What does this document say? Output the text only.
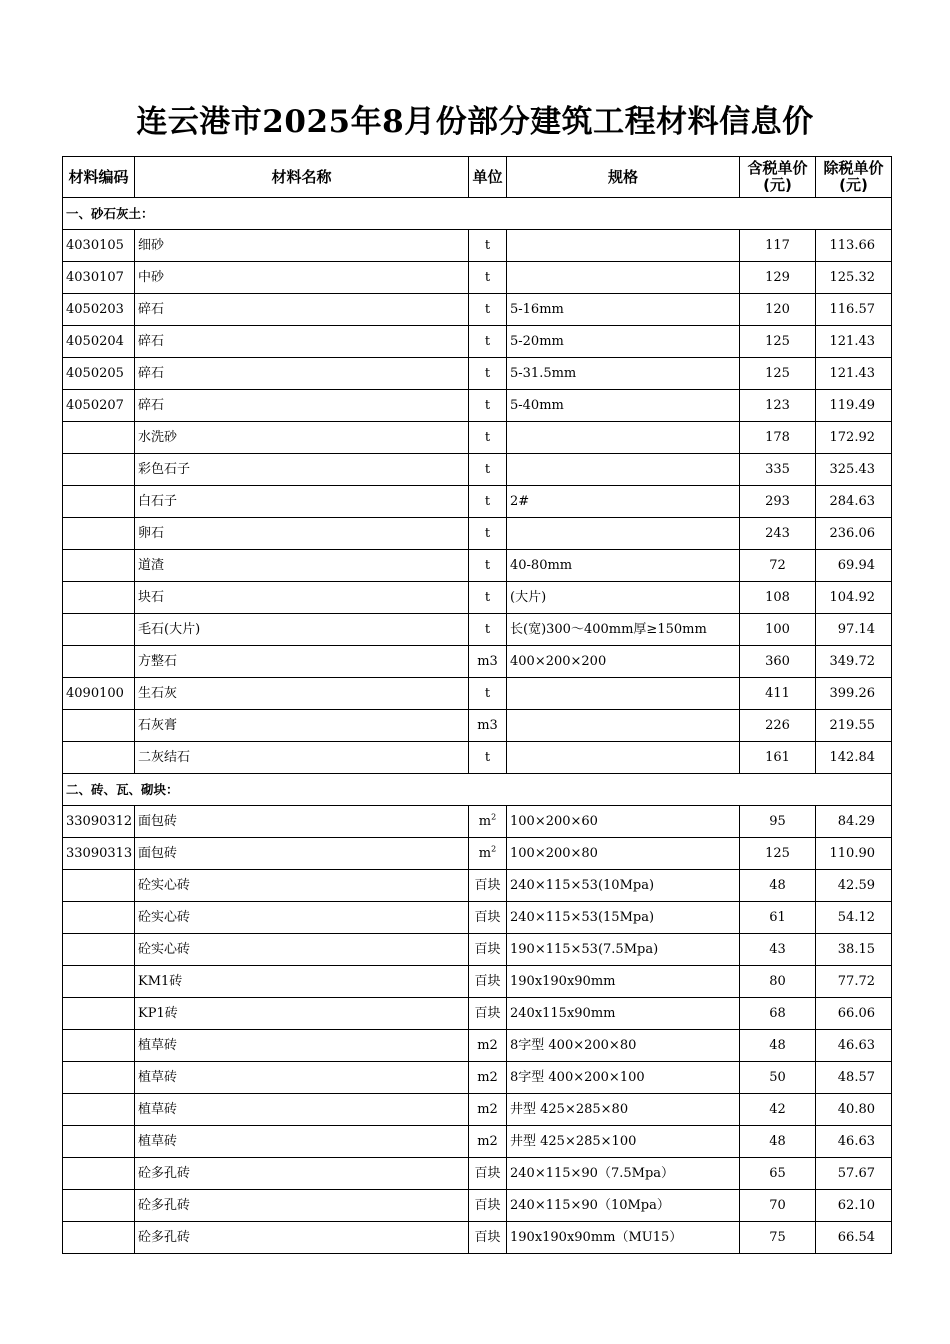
连云港市2025年8月份部分建筑工程材料信息价
材料编码	材料名称	单位	规格	含税单价(元)	除税单价(元)
一、砂石灰土：					
4030105	细砂	t		117	113.66
4030107	中砂	t		129	125.32
4050203	碎石	t	5-16mm	120	116.57
4050204	碎石	t	5-20mm	125	121.43
4050205	碎石	t	5-31.5mm	125	121.43
4050207	碎石	t	5-40mm	123	119.49
	水洗砂	t		178	172.92
	彩色石子	t		335	325.43
	白石子	t	2#	293	284.63
	卵石	t		243	236.06
	道渣	t	40-80mm	72	69.94
	块石	t	(大片)	108	104.92
	毛石(大片)	t	长(宽)300～400mm厚≥150mm	100	97.14
	方整石	m3	400×200×200	360	349.72
4090100	生石灰	t		411	399.26
	石灰膏	m3		226	219.55
	二灰结石	t		161	142.84
二、砖、瓦、砌块：					
33090312	面包砖	$m^2$	100×200×60	95	84.29
33090313	面包砖	$m^2$	100×200×80	125	110.90
	砼实心砖	百块	240×115×53(10Mpa)	48	42.59
	砼实心砖	百块	240×115×53(15Mpa)	61	54.12
	砼实心砖	百块	190×115×53(7.5Mpa)	43	38.15
	KM1砖	百块	190x190x90mm	80	77.72
	KP1砖	百块	240x115x90mm	68	66.06
	植草砖	m2	8字型 400×200×80	48	46.63
	植草砖	m2	8字型 400×200×100	50	48.57
	植草砖	m2	井型 425×285×80	42	40.80
	植草砖	m2	井型 425×285×100	48	46.63
	砼多孔砖	百块	240×115×90（7.5Mpa）	65	57.67
	砼多孔砖	百块	240×115×90（10Mpa）	70	62.10
	砼多孔砖	百块	190x190x90mm（MU15）	75	66.54
